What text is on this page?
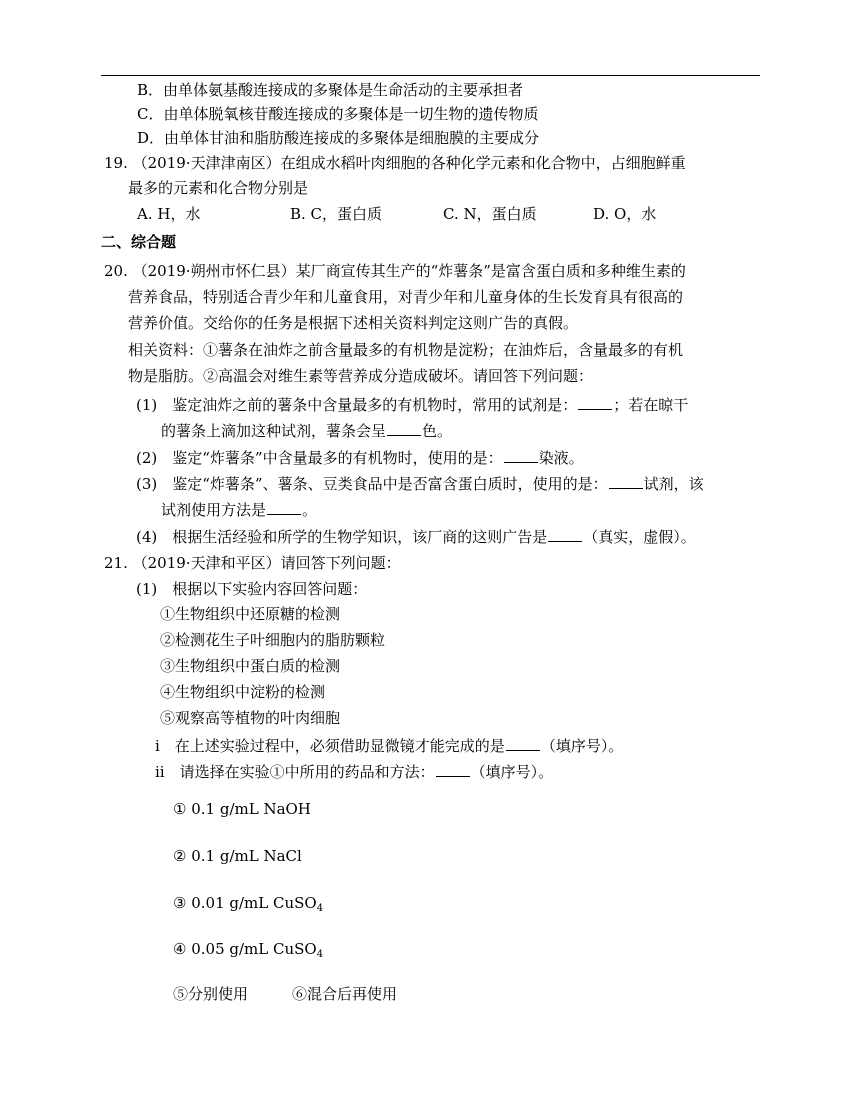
B．由单体氨基酸连接成的多聚体是生命活动的主要承担者
C．由单体脱氧核苷酸连接成的多聚体是一切生物的遗传物质
D．由单体甘油和脂肪酸连接成的多聚体是细胞膜的主要成分
19. （2019·天津津南区）在组成水稻叶肉细胞的各种化学元素和化合物中，占细胞鲜重
最多的元素和化合物分别是
A. H，水	B. C，蛋白质	C. N，蛋白质	D. O，水
二、综合题
20. （2019·朔州市怀仁县）某厂商宣传其生产的“炸薯条”是富含蛋白质和多种维生素的
营养食品，特别适合青少年和儿童食用，对青少年和儿童身体的生长发育具有很高的
营养价值。交给你的任务是根据下述相关资料判定这则广告的真假。
相关资料：①薯条在油炸之前含量最多的有机物是淀粉；在油炸后，含量最多的有机
物是脂肪。②高温会对维生素等营养成分造成破坏。请回答下列问题：
(1)　鉴定油炸之前的薯条中含量最多的有机物时，常用的试剂是： ；若在晾干
的薯条上滴加这种试剂，薯条会呈 色。
(2)　鉴定“炸薯条”中含量最多的有机物时，使用的是： 染液。
(3)　鉴定“炸薯条”、薯条、豆类食品中是否富含蛋白质时，使用的是： 试剂，该
试剂使用方法是 。
(4)　根据生活经验和所学的生物学知识，该厂商的这则广告是 （真实，虚假）。
21. （2019·天津和平区）请回答下列问题：
(1)　根据以下实验内容回答问题：
①生物组织中还原糖的检测
②检测花生子叶细胞内的脂肪颗粒
③生物组织中蛋白质的检测
④生物组织中淀粉的检测
⑤观察高等植物的叶肉细胞
ⅰ　在上述实验过程中，必须借助显微镜才能完成的是 （填序号）。
ⅱ　请选择在实验①中所用的药品和方法： （填序号）。
① 0.1 g/mL NaOH
② 0.1 g/mL NaCl
③ 0.01 g/mL CuSO$_4$
④ 0.05 g/mL CuSO$_4$
⑤分别使用	⑥混合后再使用
